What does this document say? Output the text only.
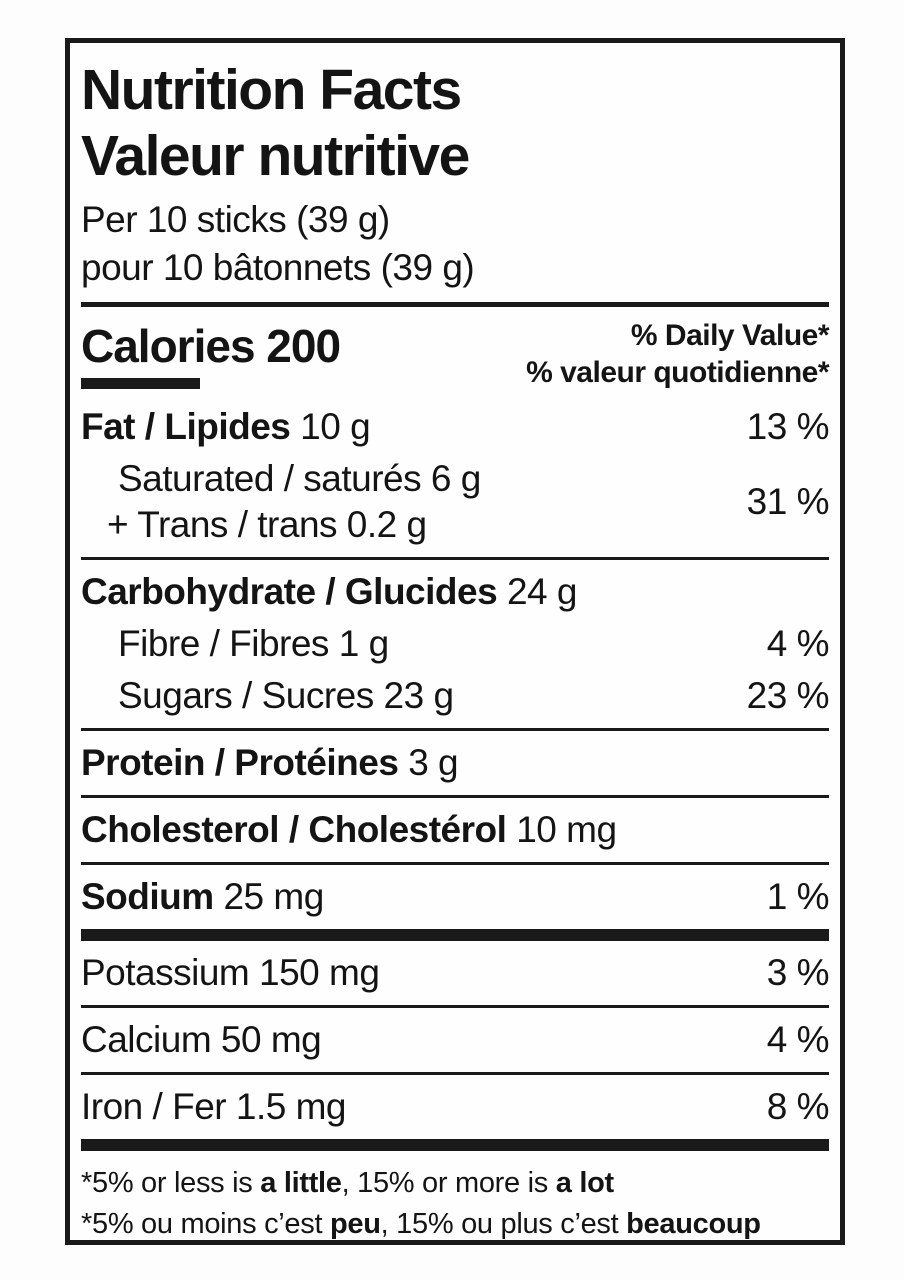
Nutrition Facts
Valeur nutritive
Per 10 sticks (39 g)
pour 10 bâtonnets (39 g)
Calories 200	% Daily Value*
% valeur quotidienne*
Fat / Lipides 10 g	13 %
Saturated / saturés 6 g
+ Trans / trans 0.2 g
31 %
Carbohydrate / Glucides 24 g
Fibre / Fibres 1 g	4 %
Sugars / Sucres 23 g	23 %
Protein / Protéines 3 g
Cholesterol / Cholestérol 10 mg
Sodium 25 mg	1 %
Potassium 150 mg	3 %
Calcium 50 mg	4 %
Iron / Fer 1.5 mg	8 %
*5% or less is a little, 15% or more is a lot
*5% ou moins c’est peu, 15% ou plus c’est beaucoup
